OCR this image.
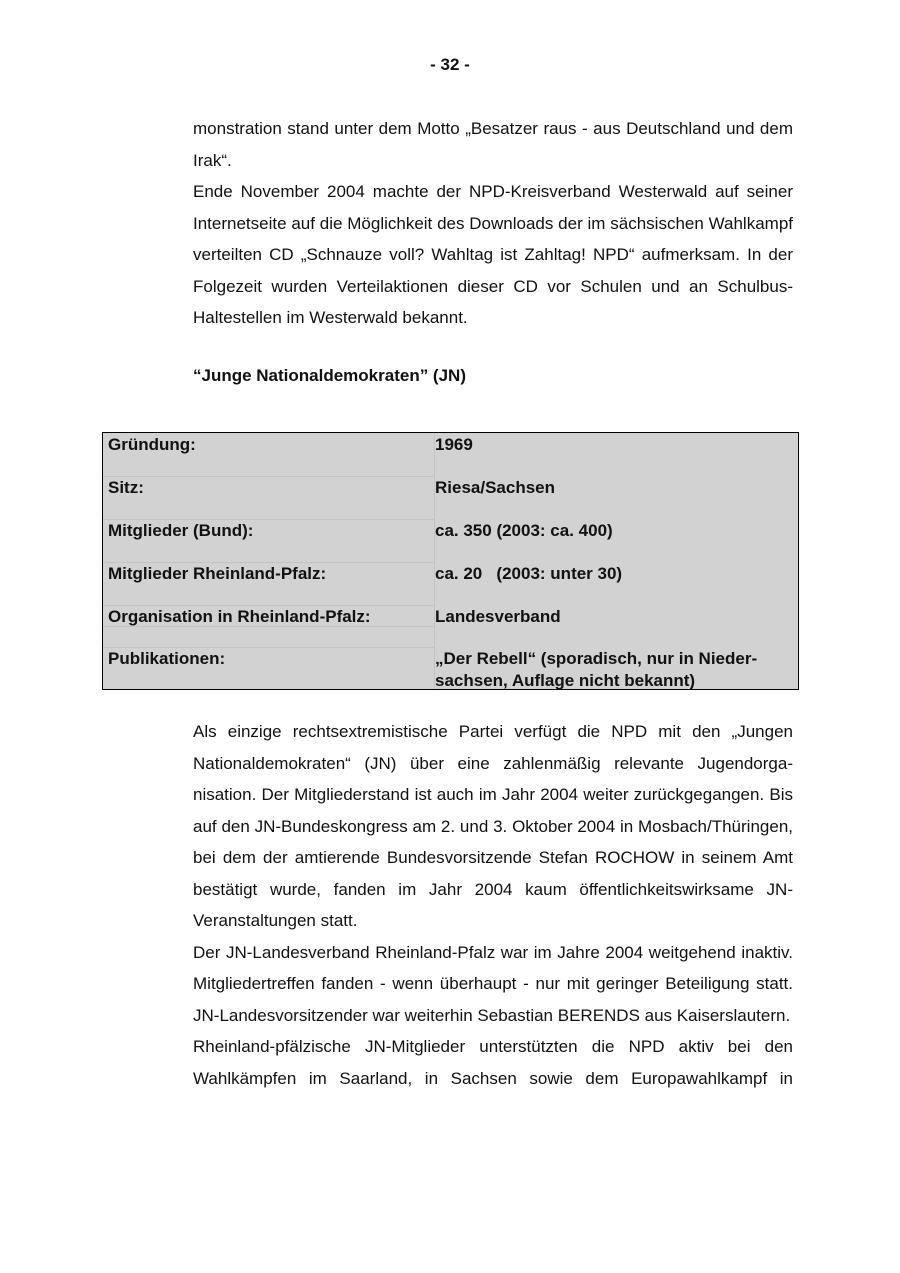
- 32 -

monstration stand unter dem Motto „Besatzer raus - aus Deutschland und dem Irak“.

Ende November 2004 machte der NPD-Kreisverband Westerwald auf seiner Internetseite auf die Möglichkeit des Downloads der im sächsischen Wahlkampf verteilten CD „Schnauze voll? Wahltag ist Zahltag! NPD“ aufmerksam. In der Folgezeit wurden Verteilaktionen dieser CD vor Schulen und an Schulbus-Haltestellen im Westerwald bekannt.

“Junge Nationaldemokraten” (JN)
Gründung:	1969
Sitz:	Riesa/Sachsen
Mitglieder (Bund):	ca. 350 (2003: ca. 400)
Mitglieder Rheinland-Pfalz:	ca. 20   (2003: unter 30)
Organisation in Rheinland-Pfalz:	Landesverband
Publikationen:	„Der Rebell“ (sporadisch, nur in Niedersachsen, Auflage nicht bekannt)

Als einzige rechtsextremistische Partei verfügt die NPD mit den „Jungen Nationaldemokraten“ (JN) über eine zahlenmäßig relevante Jugendorganisation. Der Mitgliederstand ist auch im Jahr 2004 weiter zurückgegangen. Bis auf den JN-Bundeskongress am 2. und 3. Oktober 2004 in Mosbach/Thüringen, bei dem der amtierende Bundesvorsitzende Stefan ROCHOW in seinem Amt bestätigt wurde, fanden im Jahr 2004 kaum öffentlichkeitswirksame JN-Veranstaltungen statt.

Der JN-Landesverband Rheinland-Pfalz war im Jahre 2004 weitgehend inaktiv. Mitgliedertreffen fanden - wenn überhaupt - nur mit geringer Beteiligung statt. JN-Landesvorsitzender war weiterhin Sebastian BERENDS aus Kaiserslautern.

Rheinland-pfälzische JN-Mitglieder unterstützten die NPD aktiv bei den Wahlkämpfen im Saarland, in Sachsen sowie dem Europawahlkampf in
